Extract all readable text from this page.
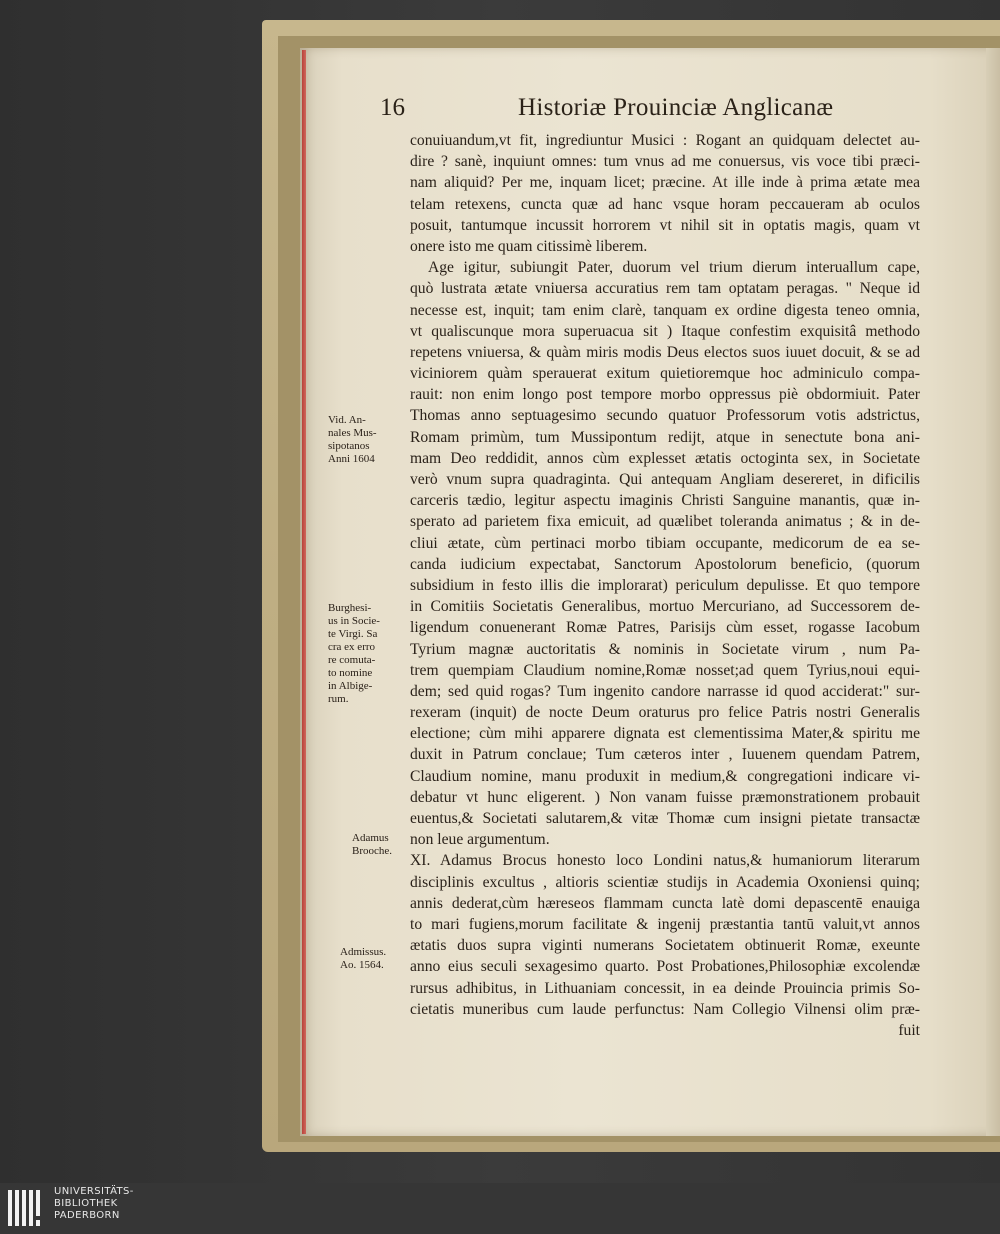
16	Historiæ Prouinciæ Anglicanæ
conuiuandum,vt fit, ingrediuntur Musici : Rogant an quidquam delectet au-
dire ? sanè, inquiunt omnes: tum vnus ad me conuersus, vis voce tibi præci-
nam aliquid? Per me, inquam licet; præcine. At ille inde à prima ætate mea
telam retexens, cuncta quæ ad hanc vsque horam peccaueram ab oculos
posuit, tantumque incussit horrorem vt nihil sit in optatis magis, quam vt
onere isto me quam citissimè liberem.
Age igitur, subiungit Pater, duorum vel trium dierum interuallum cape,
quò lustrata ætate vniuersa accuratius rem tam optatam peragas. " Neque id
necesse est, inquit; tam enim clarè, tanquam ex ordine digesta teneo omnia,
vt qualiscunque mora superuacua sit ) Itaque confestim exquisitâ methodo
repetens vniuersa, & quàm miris modis Deus electos suos iuuet docuit, & se ad
viciniorem quàm sperauerat exitum quietioremque hoc adminiculo compa-
rauit: non enim longo post tempore morbo oppressus piè obdormiuit. Pater
Thomas anno septuagesimo secundo quatuor Professorum votis adstrictus,
Romam primùm, tum Mussipontum redijt, atque in senectute bona ani-
mam Deo reddidit, annos cùm explesset ætatis octoginta sex, in Societate
verò vnum supra quadraginta. Qui antequam Angliam desereret, in dificilis
carceris tædio, legitur aspectu imaginis Christi Sanguine manantis, quæ in-
sperato ad parietem fixa emicuit, ad quælibet toleranda animatus ; & in de-
cliui ætate, cùm pertinaci morbo tibiam occupante, medicorum de ea se-
canda iudicium expectabat, Sanctorum Apostolorum beneficio, (quorum
subsidium in festo illis die implorarat) periculum depulisse. Et quo tempore
in Comitiis Societatis Generalibus, mortuo Mercuriano, ad Successorem de-
ligendum conuenerant Romæ Patres, Parisijs cùm esset, rogasse Iacobum
Tyrium magnæ auctoritatis & nominis in Societate virum , num Pa-
trem quempiam Claudium nomine,Romæ nosset;ad quem Tyrius,noui equi-
dem; sed quid rogas? Tum ingenito candore narrasse id quod acciderat:" sur-
rexeram (inquit) de nocte Deum oraturus pro felice Patris nostri Generalis
electione; cùm mihi apparere dignata est clementissima Mater,& spiritu me
duxit in Patrum conclaue; Tum cæteros inter , Iuuenem quendam Patrem,
Claudium nomine, manu produxit in medium,& congregationi indicare vi-
debatur vt hunc eligerent. ) Non vanam fuisse præmonstrationem probauit
euentus,& Societati salutarem,& vitæ Thomæ cum insigni pietate transactæ
non leue argumentum.
XI. Adamus Brocus honesto loco Londini natus,& humaniorum literarum
disciplinis excultus , altioris scientiæ studijs in Academia Oxoniensi quinq;
annis dederat,cùm hæreseos flammam cuncta latè domi depascentē enauiga
to mari fugiens,morum facilitate & ingenij præstantia tantū valuit,vt annos
ætatis duos supra viginti numerans Societatem obtinuerit Romæ, exeunte
anno eius seculi sexagesimo quarto. Post Probationes,Philosophiæ excolendæ
rursus adhibitus, in Lithuaniam concessit, in ea deinde Prouincia primis So-
cietatis muneribus cum laude perfunctus: Nam Collegio Vilnensi olim præ-
fuit
Vid. An-
nales Mus-
sipotanos
Anni 1604
Burghesi-
us in Socie-
te Virgi. Sa
cra ex erro
re comuta-
to nomine
in Albige-
rum.
Adamus
Brooche.
Admissus.
Ao. 1564.
UNIVERSITÄTS-
BIBLIOTHEK
PADERBORN
